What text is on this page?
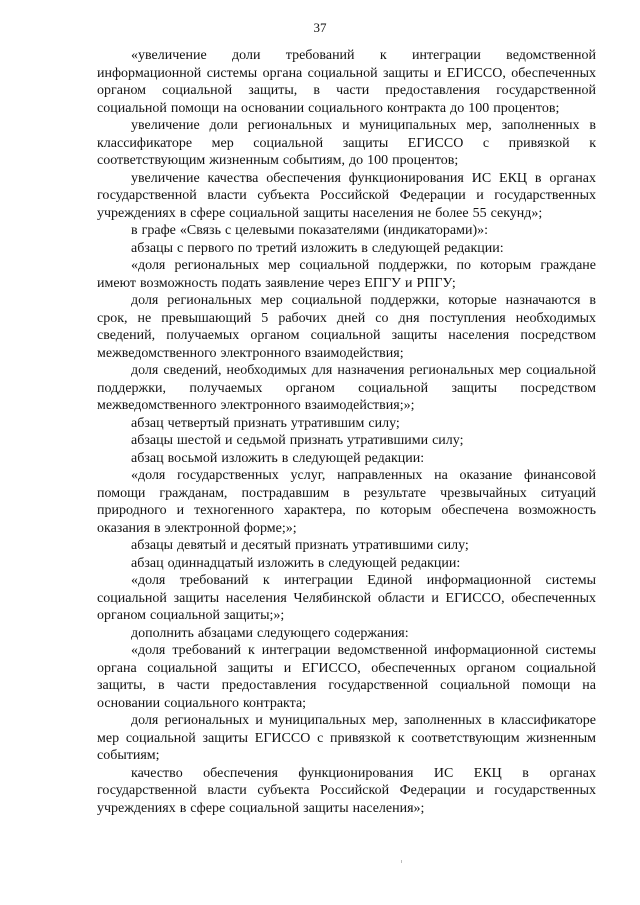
37

«увеличение доли требований к интеграции ведомственной информационной системы органа социальной защиты и ЕГИССО, обеспеченных органом социальной защиты, в части предоставления государственной социальной помощи на основании социального контракта до 100 процентов;

увеличение доли региональных и муниципальных мер, заполненных в классификаторе мер социальной защиты ЕГИССО с привязкой к соответствующим жизненным событиям, до 100 процентов;

увеличение качества обеспечения функционирования ИС ЕКЦ в органах государственной власти субъекта Российской Федерации и государственных учреждениях в сфере социальной защиты населения не более 55 секунд»;

в графе «Связь с целевыми показателями (индикаторами)»:

абзацы с первого по третий изложить в следующей редакции:

«доля региональных мер социальной поддержки, по которым граждане имеют возможность подать заявление через ЕПГУ и РПГУ;

доля региональных мер социальной поддержки, которые назначаются в срок, не превышающий 5 рабочих дней со дня поступления необходимых сведений, получаемых органом социальной защиты населения посредством межведомственного электронного взаимодействия;

доля сведений, необходимых для назначения региональных мер социальной поддержки, получаемых органом социальной защиты посредством межведомственного электронного взаимодействия;»;

абзац четвертый признать утратившим силу;

абзацы шестой и седьмой признать утратившими силу;

абзац восьмой изложить в следующей редакции:

«доля государственных услуг, направленных на оказание финансовой помощи гражданам, пострадавшим в результате чрезвычайных ситуаций природного и техногенного характера, по которым обеспечена возможность оказания в электронной форме;»;

абзацы девятый и десятый признать утратившими силу;

абзац одиннадцатый изложить в следующей редакции:

«доля требований к интеграции Единой информационной системы социальной защиты населения Челябинской области и ЕГИССО, обеспеченных органом социальной защиты;»;

дополнить абзацами следующего содержания:

«доля требований к интеграции ведомственной информационной системы органа социальной защиты и ЕГИССО, обеспеченных органом социальной защиты, в части предоставления государственной социальной помощи на основании социального контракта;

доля региональных и муниципальных мер, заполненных в классификаторе мер социальной защиты ЕГИССО с привязкой к соответствующим жизненным событиям;

качество обеспечения функционирования ИС ЕКЦ в органах государственной власти субъекта Российской Федерации и государственных учреждениях в сфере социальной защиты населения»;
